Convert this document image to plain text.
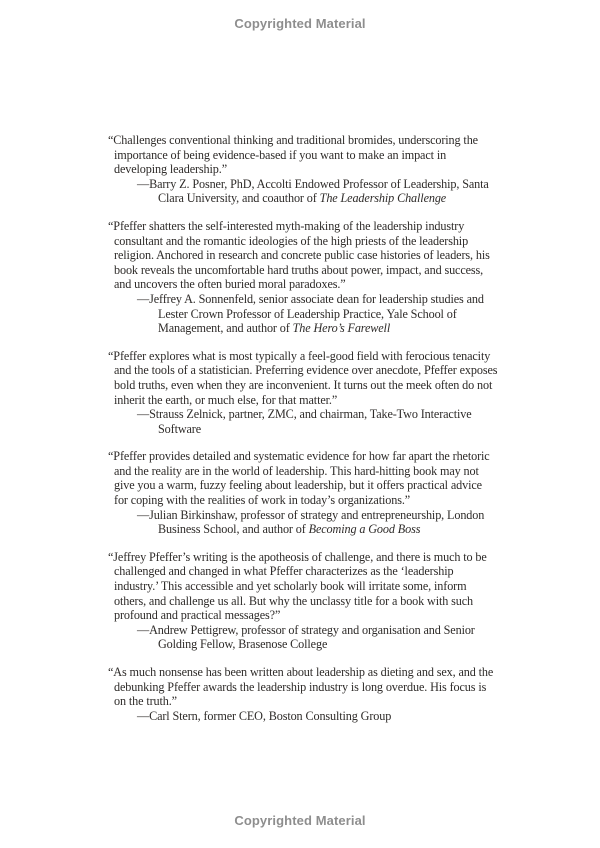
Copyrighted Material

“Challenges conventional thinking and traditional bromides, underscoring the importance of being evidence-based if you want to make an impact in developing leadership.”

—Barry Z. Posner, PhD, Accolti Endowed Professor of Leadership, Santa Clara University, and coauthor of The Leadership Challenge

“Pfeffer shatters the self-interested myth-making of the leadership industry consultant and the romantic ideologies of the high priests of the leadership religion. Anchored in research and concrete public case histories of leaders, his book reveals the uncomfortable hard truths about power, impact, and success, and uncovers the often buried moral paradoxes.”

—Jeffrey A. Sonnenfeld, senior associate dean for leadership studies and Lester Crown Professor of Leadership Practice, Yale School of Management, and author of The Hero’s Farewell

“Pfeffer explores what is most typically a feel-good field with ferocious tenacity and the tools of a statistician. Preferring evidence over anecdote, Pfeffer exposes bold truths, even when they are inconvenient. It turns out the meek often do not inherit the earth, or much else, for that matter.”

—Strauss Zelnick, partner, ZMC, and chairman, Take-Two Interactive Software

“Pfeffer provides detailed and systematic evidence for how far apart the rhetoric and the reality are in the world of leadership. This hard-hitting book may not give you a warm, fuzzy feeling about leadership, but it offers practical advice for coping with the realities of work in today’s organizations.”

—Julian Birkinshaw, professor of strategy and entrepreneurship, London Business School, and author of Becoming a Good Boss

“Jeffrey Pfeffer’s writing is the apotheosis of challenge, and there is much to be challenged and changed in what Pfeffer characterizes as the ‘leadership industry.’ This accessible and yet scholarly book will irritate some, inform others, and challenge us all. But why the unclassy title for a book with such profound and practical messages?”

—Andrew Pettigrew, professor of strategy and organisation and Senior Golding Fellow, Brasenose College

“As much nonsense has been written about leadership as dieting and sex, and the debunking Pfeffer awards the leadership industry is long overdue. His focus is on the truth.”

—Carl Stern, former CEO, Boston Consulting Group

Copyrighted Material
